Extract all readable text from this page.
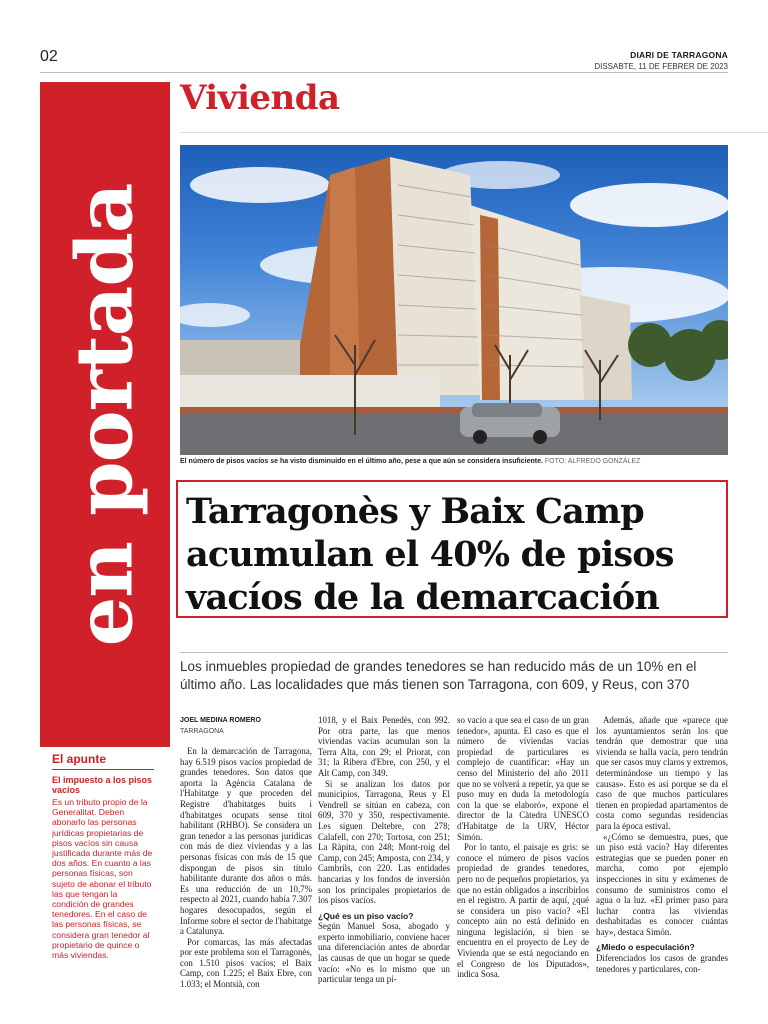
02	DIARI DE TARRAGONA
DISSABTE, 11 DE FEBRER DE 2023
en portada
Vivienda
El número de pisos vacíos se ha visto disminuido en el último año, pese a que aún se considera insuficiente. FOTO: ALFREDO GONZÁLEZ
Tarragonès y Baix Camp
acumulan el 40% de pisos
vacíos de la demarcación
Los inmuebles propiedad de grandes tenedores se han reducido más de un 10% en el último año. Las localidades que más tienen son Tarragona, con 609, y Reus, con 370
El apunte
El impuesto a los pisos vacíos
Es un tributo propio de la Generalitat. Deben abonarlo las personas jurídicas propietarias de pisos vacíos sin causa justificada durante más de dos años. En cuanto a las personas físicas, son sujeto de abonar el tributo las que tengan la condición de grandes tenedores. En el caso de las personas físicas, se considera gran tenedor al propietario de quince o más viviendas.
JOEL MEDINA ROMERO
TARRAGONA

En la demarcación de Tarragona, hay 6.519 pisos vacíos propiedad de grandes tenedores. Son datos que aporta la Agència Catalana de l'Habitatge y que proceden del Registre d'habitatges buits i d'habitatges ocupats sense títol habilitant (RHBO). Se considera un gran tenedor a las personas jurídicas con más de diez viviendas y a las personas físicas con más de 15 que dispongan de pisos sin título habilitante durante dos años o más. Es una reducción de un 10,7% respecto al 2021, cuando había 7.307 hogares desocupados, según el Informe sobre el sector de l'habitatge a Catalunya.

Por comarcas, las más afectadas por este problema son el Tarragonès, con 1.510 pisos vacíos; el Baix Camp, con 1.225; el Baix Ebre, con 1.033; el Montsià, con

1018, y el Baix Penedès, con 992. Por otra parte, las que menos viviendas vacías acumulan son la Terra Alta, con 29; el Priorat, con 31; la Ribera d'Ebre, con 250, y el Alt Camp, con 349.

Si se analizan los datos por municipios, Tarragona, Reus y El Vendrell se sitúan en cabeza, con 609, 370 y 350, respectivamente. Les siguen Deltebre, con 278; Calafell, con 270; Tortosa, con 251; La Ràpita, con 248; Mont-roig del Camp, con 245; Amposta, con 234, y Cambrils, con 220. Las entidades bancarias y los fondos de inversión son los principales propietarios de los pisos vacíos.

¿Qué es un piso vacío?

Según Manuel Sosa, abogado y experto inmobiliario, conviene hacer una diferenciación antes de abordar las causas de que un hogar se quede vacío: «No es lo mismo que un particular tenga un pi-

so vacío a que sea el caso de un gran tenedor», apunta. El caso es que el número de viviendas vacías propiedad de particulares es complejo de cuantificar: «Hay un censo del Ministerio del año 2011 que no se volverá a repetir, ya que se puso muy en duda la metodología con la que se elaboró», expone el director de la Càtedra UNESCO d'Habitatge de la URV, Héctor Simón.

Por lo tanto, el paisaje es gris: se conoce el número de pisos vacíos propiedad de grandes tenedores, pero no de pequeños propietarios, ya que no están obligados a inscribirlos en el registro. A partir de aquí, ¿qué se considera un piso vacío? «El concepto aún no está definido en ninguna legislación, si bien se encuentra en el proyecto de Ley de Vivienda que se está negociando en el Congreso de los Diputados», indica Sosa.

Además, añade que «parece que los ayuntamientos serán los que tendrán que demostrar que una vivienda se halla vacía, pero tendrán que ser casos muy claros y extremos, determinándose un tiempo y las causas». Esto es así porque se da el caso de que muchos particulares tienen en propiedad apartamentos de costa como segundas residencias para la época estival.

«¿Cómo se demuestra, pues, que un piso está vacío? Hay diferentes estrategias que se pueden poner en marcha, como por ejemplo inspecciones in situ y exámenes de consumo de suministros como el agua o la luz. «El primer paso para luchar contra las viviendas deshabitadas es conocer cuántas hay», destaca Simón.

¿Miedo o especulación?

Diferenciados los casos de grandes tenedores y particulares, con-
